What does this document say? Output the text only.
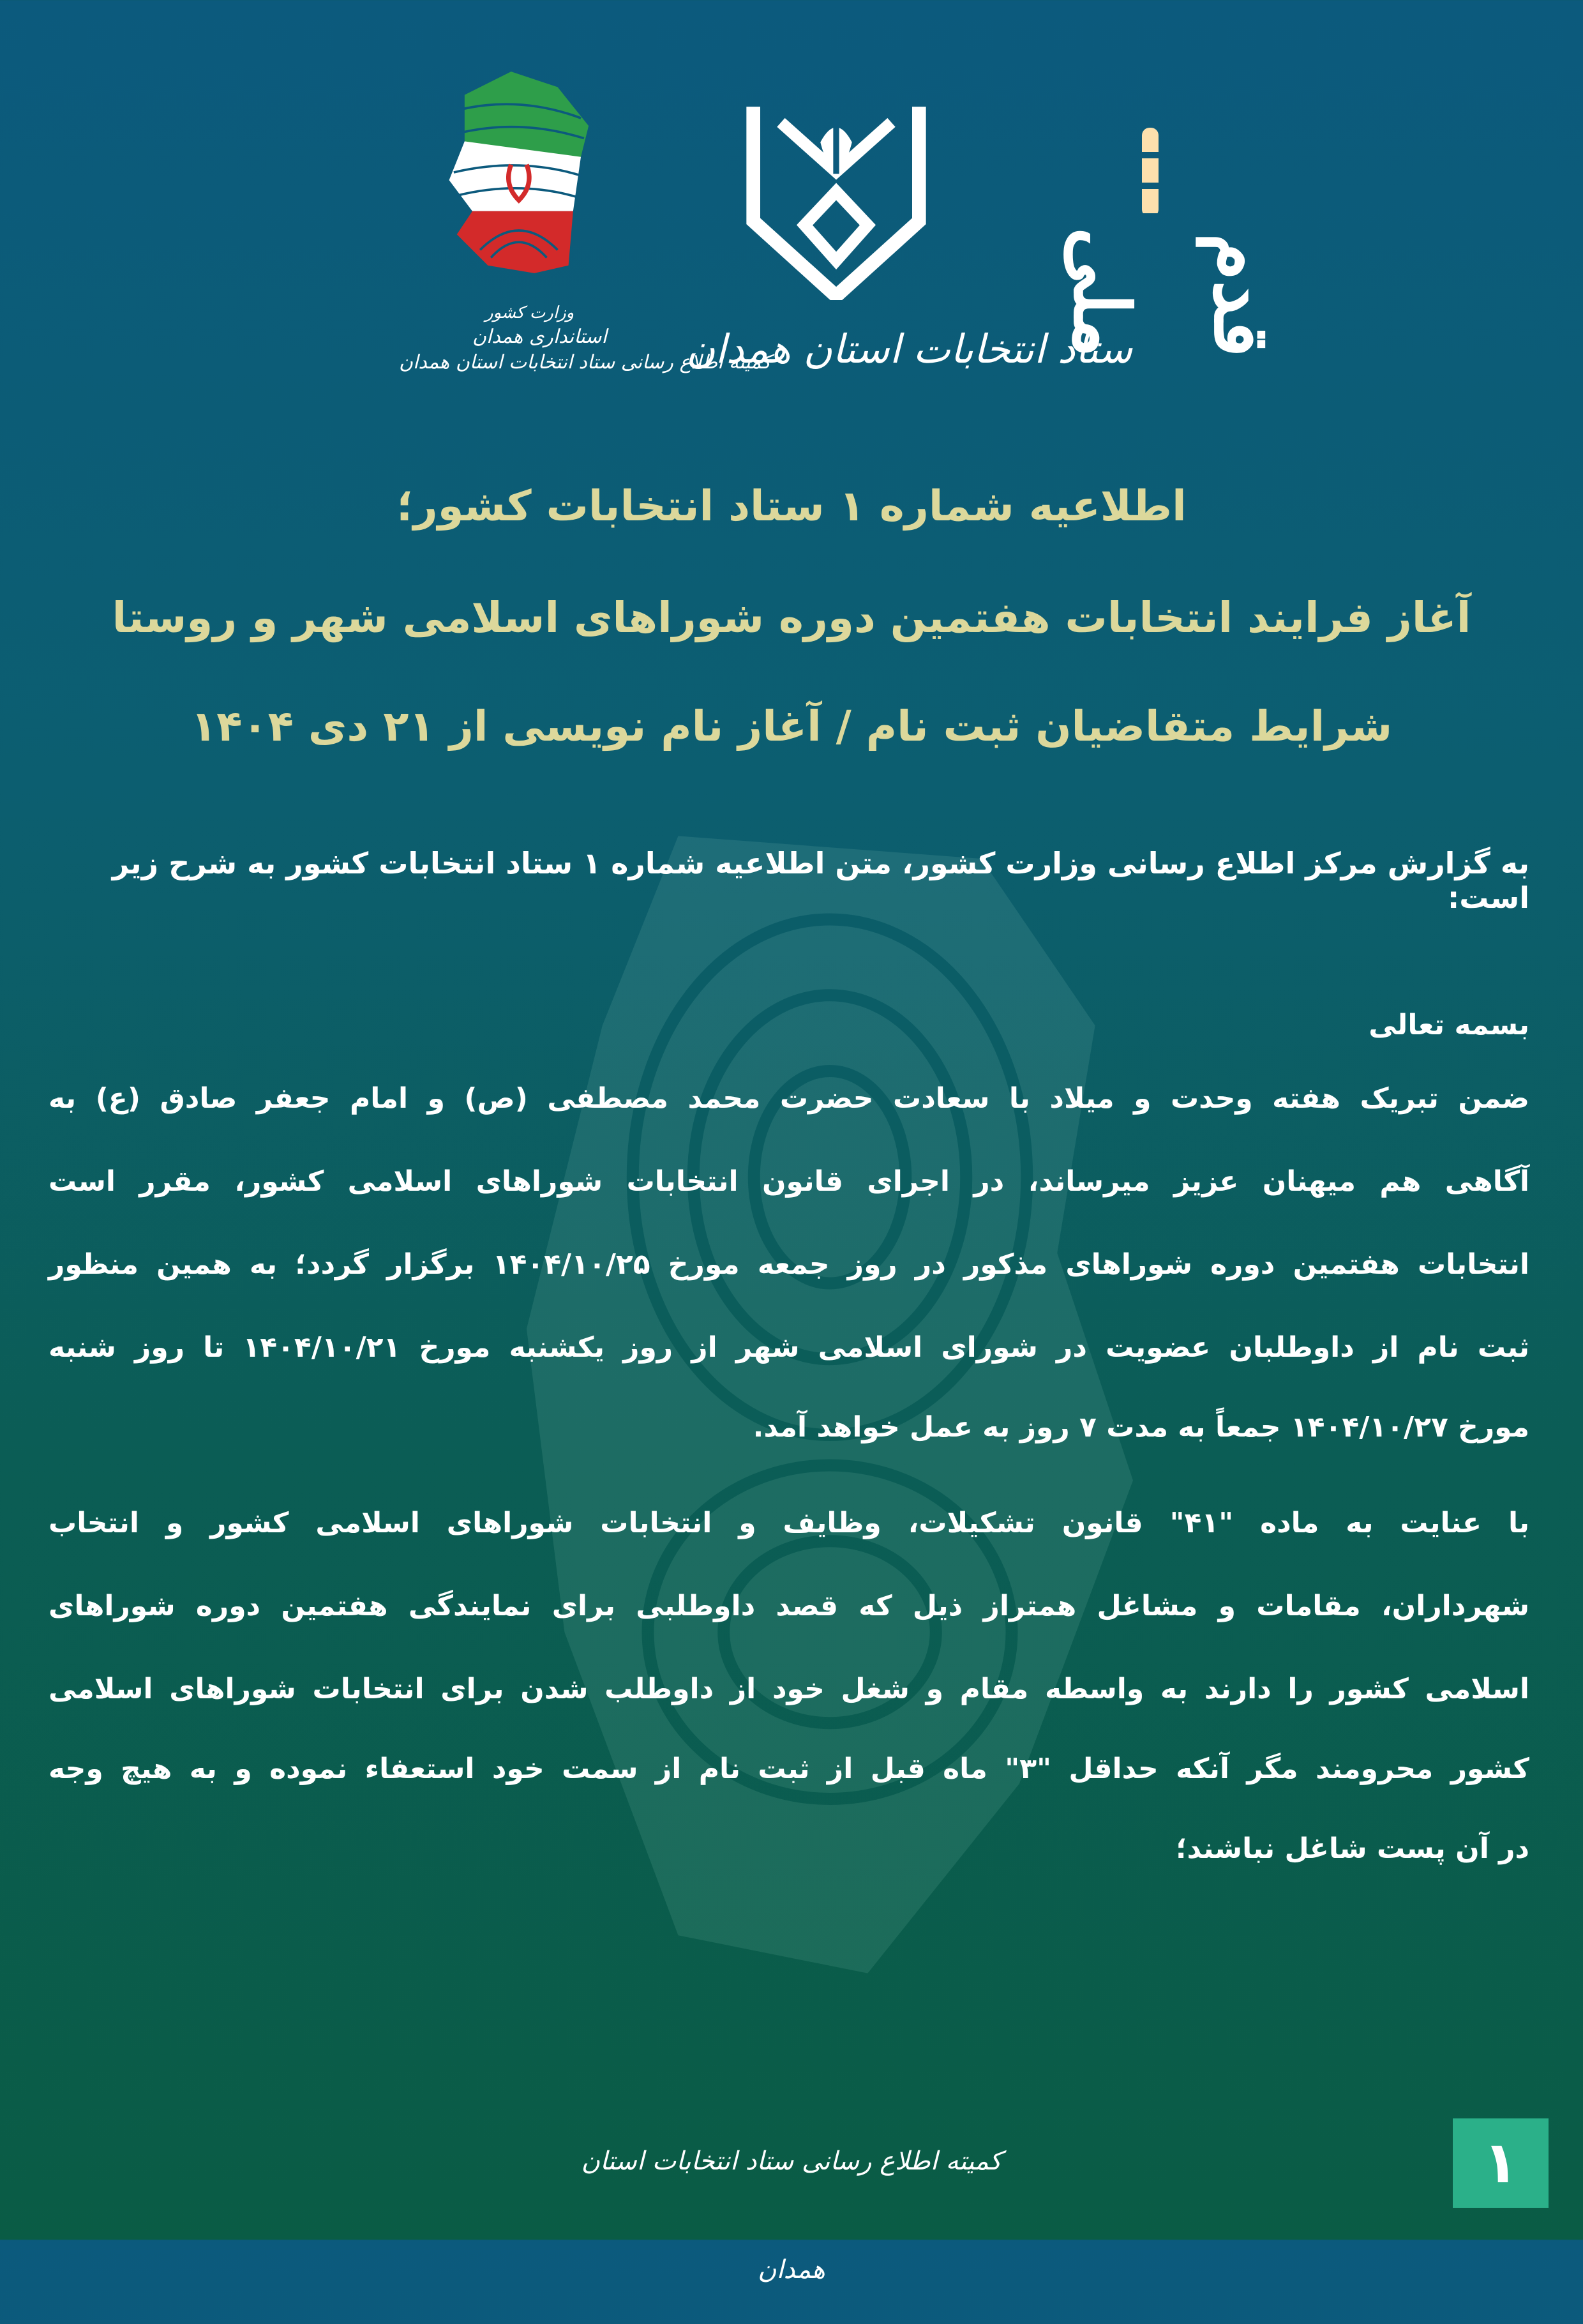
وزارت کشور
استانداری همدان
کمیته اطلاع رسانی ستاد انتخابات استان همدان
ستاد انتخابات استان همدان قدم ملی
اطلاعیه شماره ۱ ستاد انتخابات کشور؛
آغاز فرایند انتخابات هفتمین دوره شوراهای اسلامی شهر و روستا
شرایط متقاضیان ثبت نام / آغاز نام نویسی از ۲۱ دی ۱۴۰۴
به گزارش مرکز اطلاع رسانی وزارت کشور، متن اطلاعیه شماره ۱ ستاد انتخابات کشور به شرح زیر است:
بسمه تعالی
ضمن تبریک هفته وحدت و میلاد با سعادت حضرت محمد مصطفی (ص) و امام جعفر صادق (ع) به
آگاهی هم میهنان عزیز میرساند، در اجرای قانون انتخابات شوراهای اسلامی کشور، مقرر است
انتخابات هفتمین دوره شوراهای مذکور در روز جمعه مورخ ۱۴۰۴/۱۰/۲۵ برگزار گردد؛ به همین منظور
ثبت نام از داوطلبان عضویت در شورای اسلامی شهر از روز یکشنبه مورخ ۱۴۰۴/۱۰/۲۱ تا روز شنبه
مورخ ۱۴۰۴/۱۰/۲۷ جمعاً به مدت ۷ روز به عمل خواهد آمد.
با عنایت به ماده "۴۱" قانون تشکیلات، وظایف و انتخابات شوراهای اسلامی کشور و انتخاب
شهرداران، مقامات و مشاغل همتراز ذیل که قصد داوطلبی برای نمایندگی هفتمین دوره شوراهای
اسلامی کشور را دارند به واسطه مقام و شغل خود از داوطلب شدن برای انتخابات شوراهای اسلامی
کشور محرومند مگر آنکه حداقل "۳" ماه قبل از ثبت نام از سمت خود استعفاء نموده و به هیچ وجه
در آن پست شاغل نباشند؛
کمیته اطلاع رسانی ستاد انتخابات استان همدان
۱
